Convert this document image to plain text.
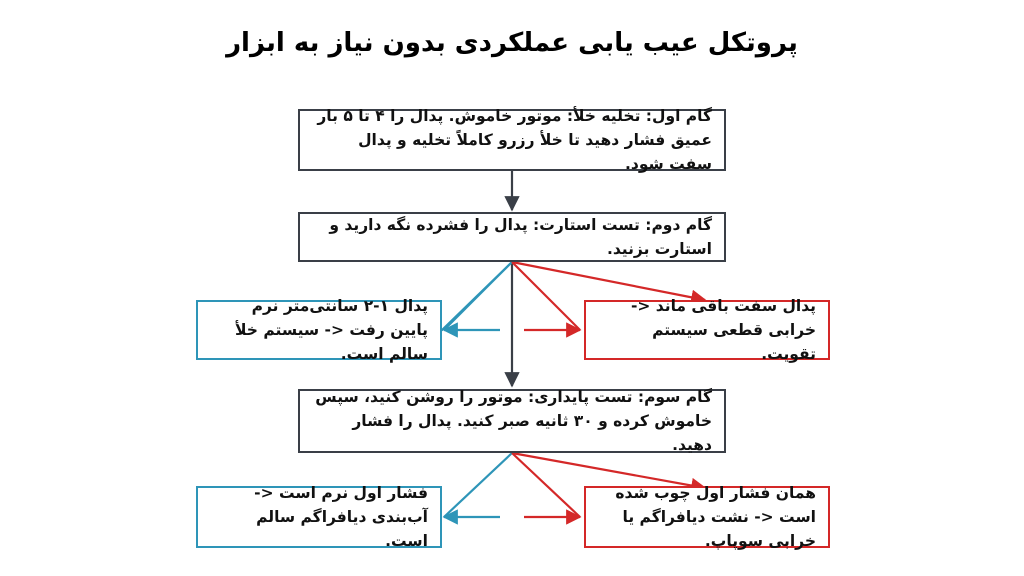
پروتکل عیب یابی عملکردی بدون نیاز به ابزار
گام اول: تخلیه خلأ: موتور خاموش. پدال را ۴ تا ۵ بار عمیق فشار دهید تا خلأ رزرو کاملاً تخلیه و پدال سفت شود.
گام دوم: تست استارت: پدال را فشرده نگه دارید و استارت بزنید.
پدال ۱-۲ سانتی‌متر نرم پایین رفت <- سیستم خلأ سالم است.
پدال سفت باقی ماند <- خرابی قطعی سیستم تقویت.
گام سوم: تست پایداری: موتور را روشن کنید، سپس خاموش کرده و ۳۰ ثانیه صبر کنید. پدال را فشار دهید.
فشار اول نرم است <- آب‌بندی دیافراگم سالم است.
همان فشار اول چوب شده است <- نشت دیافراگم یا خرابی سوپاپ.
